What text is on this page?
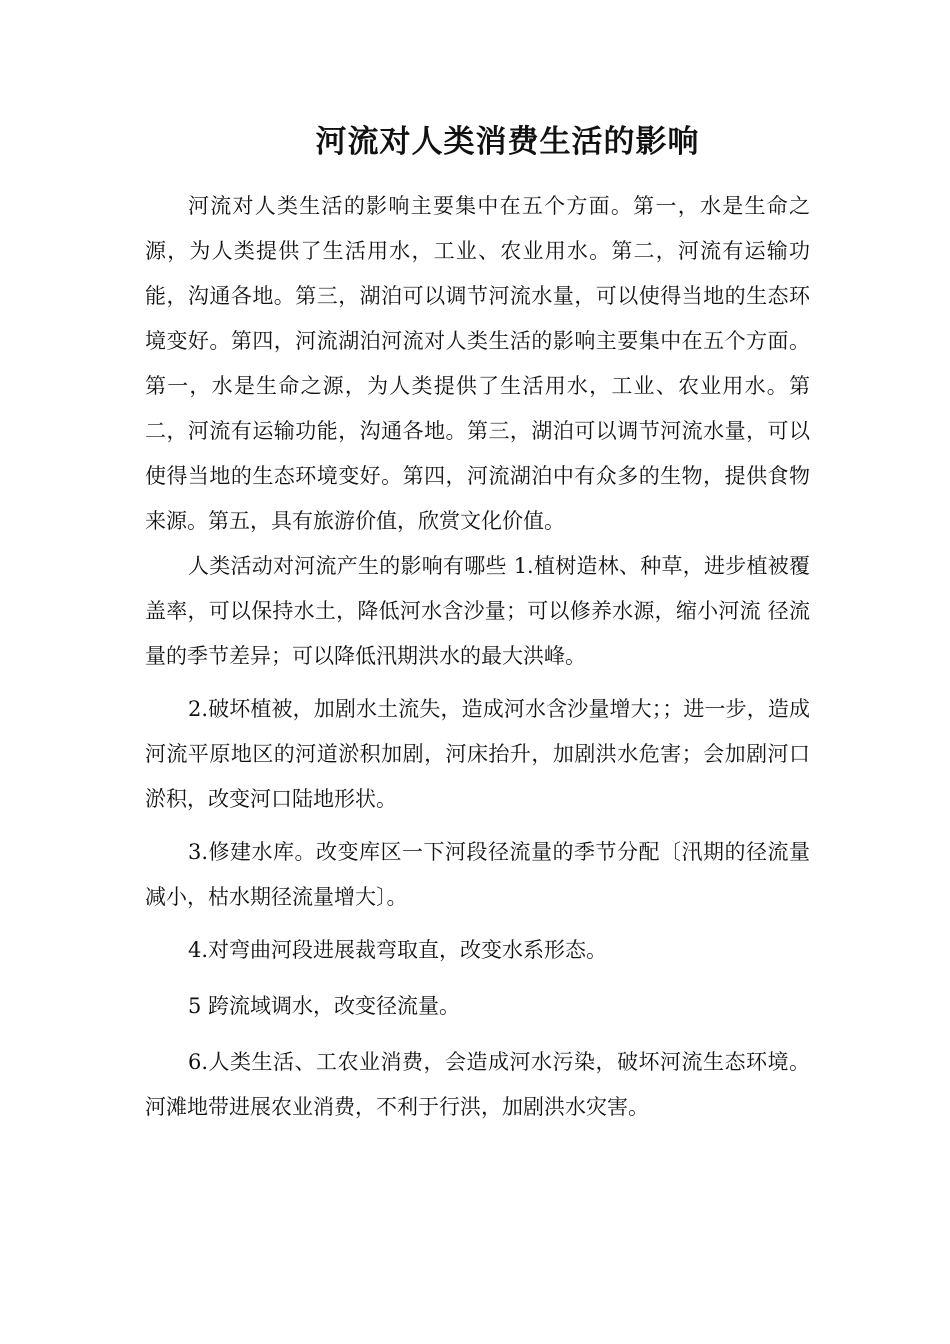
河流对人类消费生活的影响

河流对人类生活的影响主要集中在五个方面。第一，水是生命之源，为人类提供了生活用水，工业、农业用水。第二，河流有运输功能，沟通各地。第三，湖泊可以调节河流水量，可以使得当地的生态环境变好。第四，河流湖泊河流对人类生活的影响主要集中在五个方面。第一，水是生命之源，为人类提供了生活用水，工业、农业用水。第二，河流有运输功能，沟通各地。第三，湖泊可以调节河流水量，可以使得当地的生态环境变好。第四，河流湖泊中有众多的生物，提供食物来源。第五，具有旅游价值，欣赏文化价值。

人类活动对河流产生的影响有哪些 1.植树造林、种草，进步植被覆盖率，可以保持水土，降低河水含沙量；可以修养水源，缩小河流 径流量的季节差异；可以降低汛期洪水的最大洪峰。

2.破坏植被，加剧水土流失，造成河水含沙量增大；；进一步，造成河流平原地区的河道淤积加剧，河床抬升，加剧洪水危害；会加剧河口淤积，改变河口陆地形状。

3.修建水库。改变库区一下河段径流量的季节分配〔汛期的径流量减小，枯水期径流量增大〕。

4.对弯曲河段进展裁弯取直，改变水系形态。

5 跨流域调水，改变径流量。

6.人类生活、工农业消费，会造成河水污染，破坏河流生态环境。河滩地带进展农业消费，不利于行洪，加剧洪水灾害。
